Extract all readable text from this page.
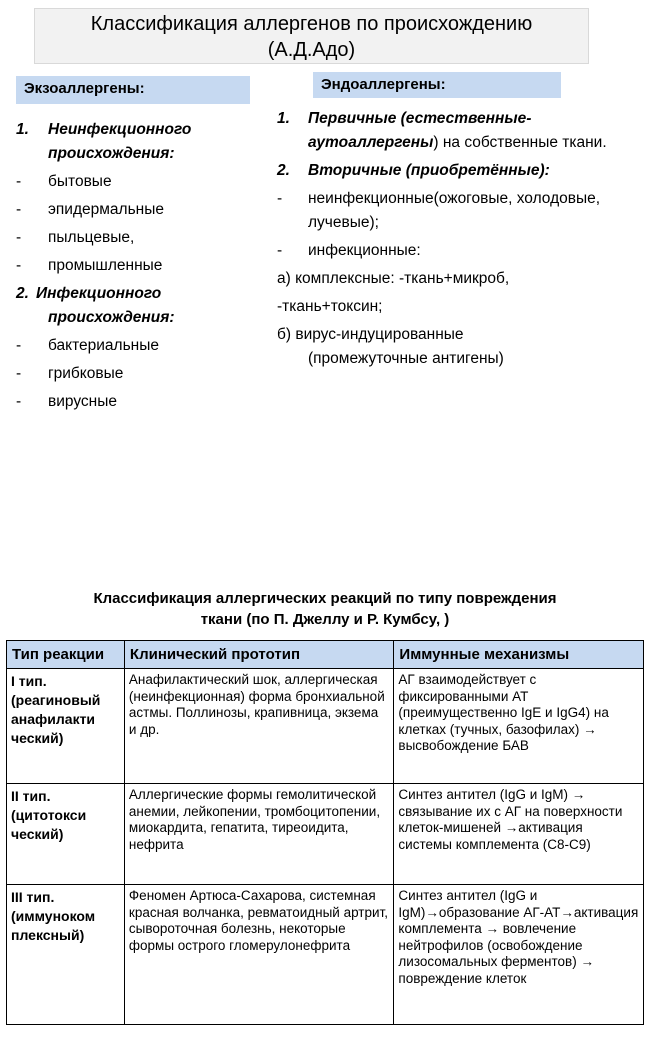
Классификация аллергенов по происхождению
(А.Д.Адо)
Экзоаллергены:	Эндоаллергены:
1.	Неинфекционного
происхождения:
-	бытовые
-	эпидермальные
-	пыльцевые,
-	промышленные
2. Инфекционного
происхождения:
-	бактериальные
-	грибковые
-	вирусные
1.	Первичные (естественные-аутоаллергены) на собственные ткани.
2.	Вторичные (приобретённые):
-	неинфекционные(ожоговые, холодовые, лучевые);
-	инфекционные:
а) комплексные: -ткань+микроб,
-ткань+токсин;
б) вирус-индуцированные
(промежуточные антигены)
Классификация аллергических реакций по типу повреждения
ткани (по П. Джеллу и Р. Кумбсу, )
Тип реакции	Клинический прототип	Иммунные механизмы

I тип.
(реагиновый анафилакти ческий)	Анафилактический шок, аллергическая (неинфекционная) форма бронхиальной астмы. Поллинозы, крапивница, экзема и др.	АГ взаимодействует с фиксированными АТ (преимущественно IgE и IgG4) на клетках (тучных, базофилах) → высвобождение БАВ

II тип.
(цитотокси ческий)	Аллергические формы гемолитической анемии, лейкопении, тромбоцитопении, миокардита, гепатита, тиреоидита, нефрита	Синтез антител (IgG и IgM) → связывание их с АГ на поверхности клеток-мишеней →активация системы комплемента (С8-С9)

III тип.
(иммуноком плексный)	Феномен Артюса-Сахарова, системная красная волчанка, ревматоидный артрит, сывороточная болезнь, некоторые формы острого гломерулонефрита	Синтез антител (IgG и IgM)→образование АГ-АТ→активация комплемента → вовлечение нейтрофилов (освобождение лизосомальных ферментов) → повреждение клеток
